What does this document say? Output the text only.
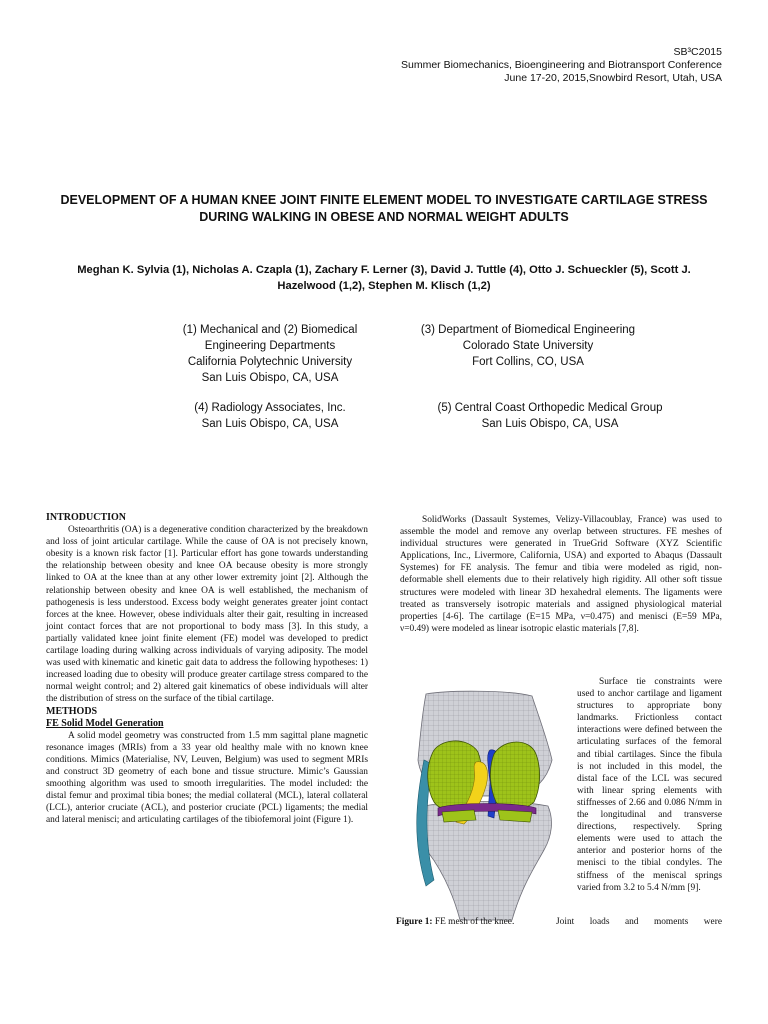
SB³C2015
Summer Biomechanics, Bioengineering and Biotransport Conference
June 17-20, 2015,Snowbird Resort, Utah, USA
DEVELOPMENT OF A HUMAN KNEE JOINT FINITE ELEMENT MODEL TO INVESTIGATE CARTILAGE STRESS DURING WALKING IN OBESE AND NORMAL WEIGHT ADULTS
Meghan K. Sylvia (1), Nicholas A. Czapla (1), Zachary F. Lerner (3), David J. Tuttle (4), Otto J. Schueckler (5), Scott J. Hazelwood (1,2), Stephen M. Klisch (1,2)
(1) Mechanical and (2) Biomedical
Engineering Departments
California Polytechnic University
San Luis Obispo, CA, USA
(3) Department of Biomedical Engineering
Colorado State University
Fort Collins, CO, USA
(4) Radiology Associates, Inc.
San Luis Obispo, CA, USA
(5) Central Coast Orthopedic Medical Group
San Luis Obispo, CA, USA
INTRODUCTION

Osteoarthritis (OA) is a degenerative condition characterized by the breakdown and loss of joint articular cartilage. While the cause of OA is not precisely known, obesity is a known risk factor [1]. Particular effort has gone towards understanding the relationship between obesity and knee OA because obesity is more strongly linked to OA at the knee than at any other lower extremity joint [2]. Although the relationship between obesity and knee OA is well established, the mechanism of pathogenesis is less understood. Excess body weight generates greater joint contact forces at the knee. However, obese individuals alter their gait, resulting in increased joint contact forces that are not proportional to body mass [3]. In this study, a partially validated knee joint finite element (FE) model was developed to predict cartilage loading during walking across individuals of varying adiposity. The model was used with kinematic and kinetic gait data to address the following hypotheses: 1) increased loading due to obesity will produce greater cartilage stress compared to the normal weight control; and 2) altered gait kinematics of obese individuals will alter the distribution of stress on the surface of the tibial cartilage.

METHODS
FE Solid Model Generation

A solid model geometry was constructed from 1.5 mm sagittal plane magnetic resonance images (MRIs) from a 33 year old healthy male with no known knee conditions. Mimics (Materialise, NV, Leuven, Belgium) was used to segment MRIs and construct 3D geometry of each bone and tissue structure. Mimic’s Gaussian smoothing algorithm was used to smooth irregularities. The model included: the distal femur and proximal tibia bones; the medial collateral (MCL), lateral collateral (LCL), anterior cruciate (ACL), and posterior cruciate (PCL) ligaments; the medial and lateral menisci; and articulating cartilages of the tibiofemoral joint (Figure 1).

SolidWorks (Dassault Systemes, Velizy-Villacoublay, France) was used to assemble the model and remove any overlap between structures. FE meshes of individual structures were generated in TrueGrid Software (XYZ Scientific Applications, Inc., Livermore, California, USA) and exported to Abaqus (Dassault Systemes) for FE analysis. The femur and tibia were modeled as rigid, non-deformable shell elements due to their relatively high rigidity. All other soft tissue structures were modeled with linear 3D hexahedral elements. The ligaments were treated as transversely isotropic materials and assigned physiological material properties [4-6]. The cartilage (E=15 MPa, ν=0.475) and menisci (E=59 MPa, ν=0.49) were modeled as linear isotropic elastic materials [7,8].

Figure 1: FE mesh of the knee.

Surface tie constraints were used to anchor cartilage and ligament structures to appropriate bony landmarks. Frictionless contact interactions were defined between the articulating surfaces of the femoral and tibial cartilages. Since the fibula is not included in this model, the distal face of the LCL was secured with linear spring elements with stiffnesses of 2.66 and 0.086 N/mm in the longitudinal and transverse directions, respectively. Spring elements were used to attach the anterior and posterior horns of the menisci to the tibial condyles. The stiffness of the meniscal springs varied from 3.2 to 5.4 N/mm [9].

Joint loads and moments were
